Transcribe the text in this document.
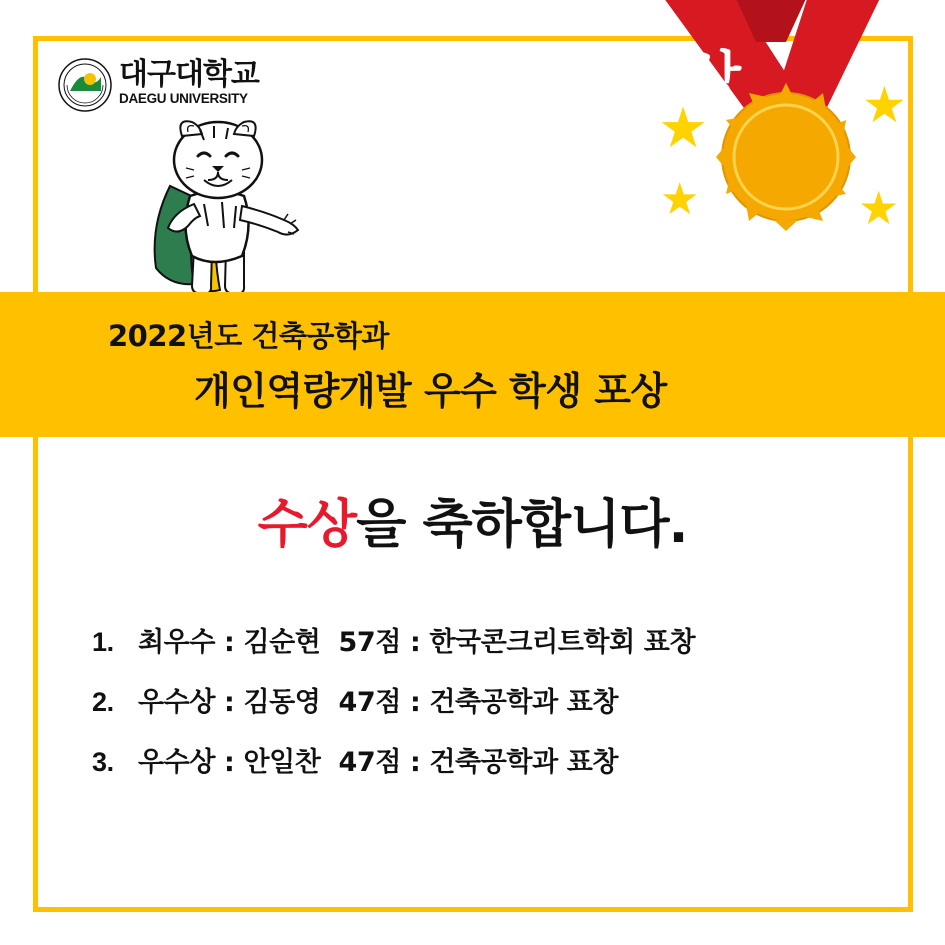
★
★
★
★
상
대구대학교
DAEGU UNIVERSITY
2022년도 건축공학과
개인역량개발 우수 학생 포상
수상을 축하합니다.
1. 최우수 : 김순현  57점 : 한국콘크리트학회 표창
2. 우수상 : 김동영  47점 : 건축공학과 표창
3. 우수상 : 안일찬  47점 : 건축공학과 표창
